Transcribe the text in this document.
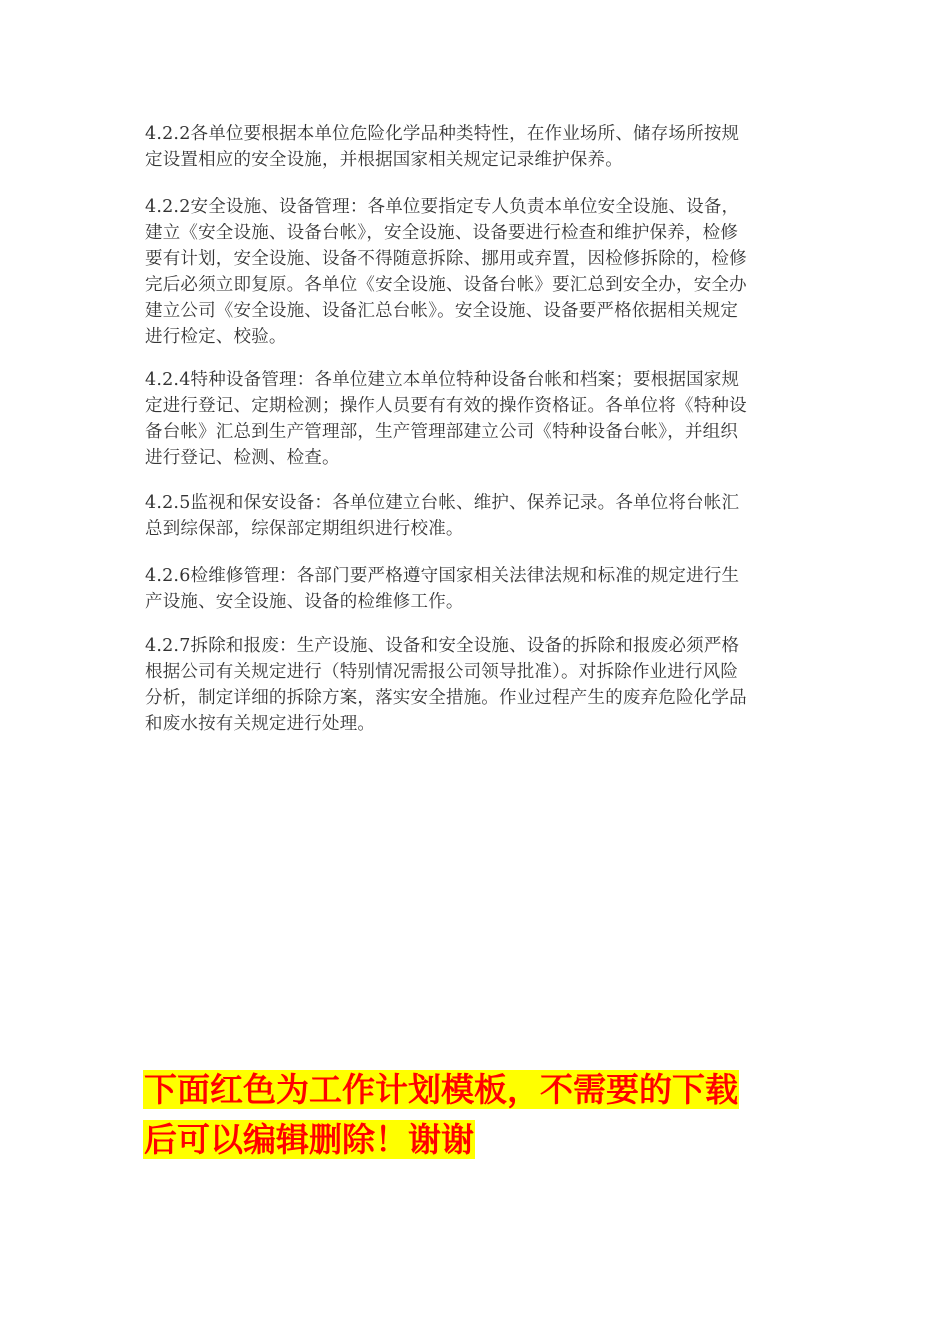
4.2.2各单位要根据本单位危险化学品种类特性，在作业场所、储存场所按规
定设置相应的安全设施，并根据国家相关规定记录维护保养。

4.2.2安全设施、设备管理：各单位要指定专人负责本单位安全设施、设备，
建立《安全设施、设备台帐》，安全设施、设备要进行检查和维护保养，检修
要有计划，安全设施、设备不得随意拆除、挪用或弃置，因检修拆除的，检修
完后必须立即复原。各单位《安全设施、设备台帐》要汇总到安全办，安全办
建立公司《安全设施、设备汇总台帐》。安全设施、设备要严格依据相关规定
进行检定、校验。

4.2.4特种设备管理：各单位建立本单位特种设备台帐和档案；要根据国家规
定进行登记、定期检测；操作人员要有有效的操作资格证。各单位将《特种设
备台帐》汇总到生产管理部，生产管理部建立公司《特种设备台帐》，并组织
进行登记、检测、检查。

4.2.5监视和保安设备：各单位建立台帐、维护、保养记录。各单位将台帐汇
总到综保部，综保部定期组织进行校准。

4.2.6检维修管理：各部门要严格遵守国家相关法律法规和标准的规定进行生
产设施、安全设施、设备的检维修工作。

4.2.7拆除和报废：生产设施、设备和安全设施、设备的拆除和报废必须严格
根据公司有关规定进行（特别情况需报公司领导批准）。对拆除作业进行风险
分析，制定详细的拆除方案，落实安全措施。作业过程产生的废弃危险化学品
和废水按有关规定进行处理。

下面红色为工作计划模板，不需要的下载
后可以编辑删除！谢谢
